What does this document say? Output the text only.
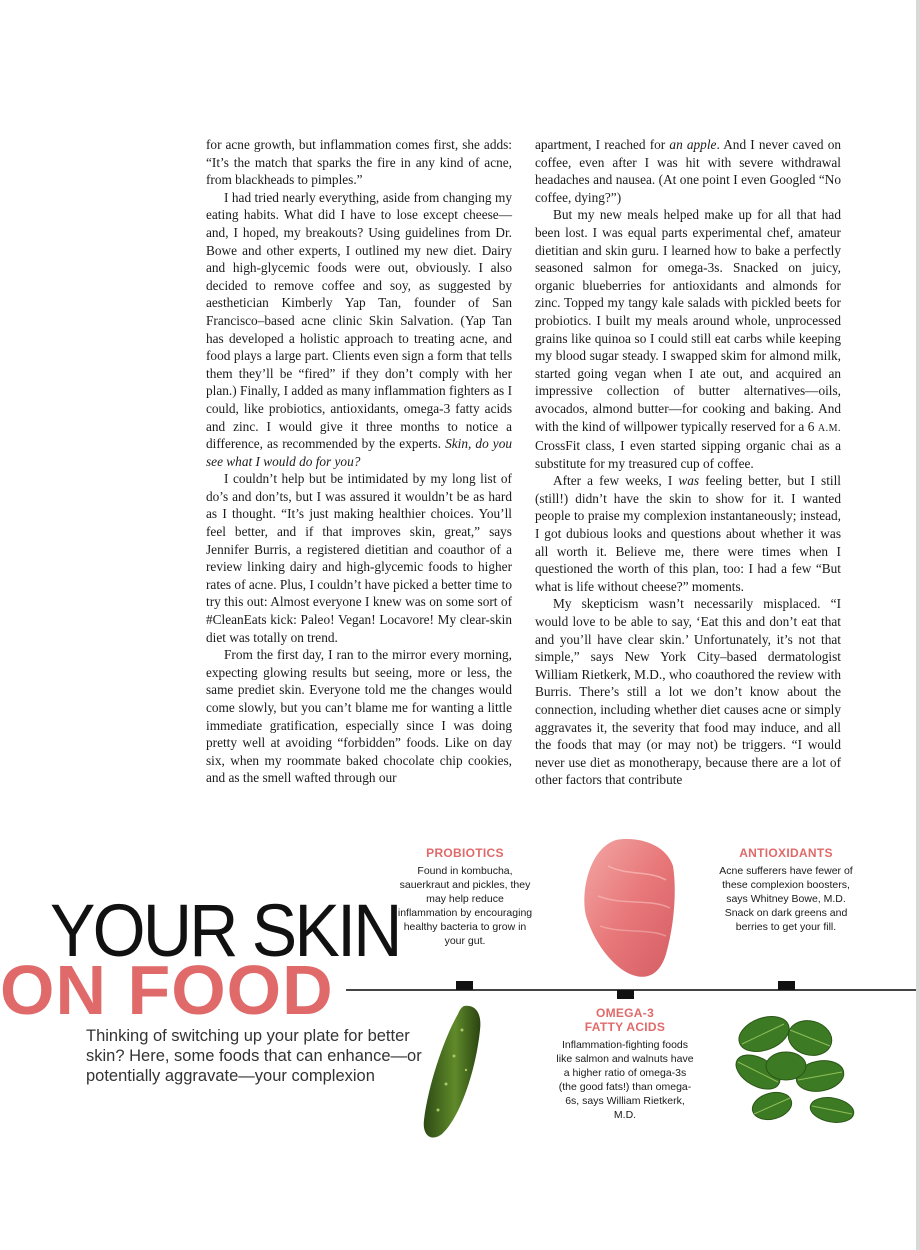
for acne growth, but inflammation comes first, she adds: “It’s the match that sparks the fire in any kind of acne, from blackheads to pimples.”

I had tried nearly everything, aside from changing my eating habits. What did I have to lose except cheese—and, I hoped, my breakouts? Using guidelines from Dr. Bowe and other experts, I outlined my new diet. Dairy and high-glycemic foods were out, obviously. I also decided to remove coffee and soy, as suggested by aesthetician Kimberly Yap Tan, founder of San Francisco–based acne clinic Skin Salvation. (Yap Tan has developed a holistic approach to treating acne, and food plays a large part. Clients even sign a form that tells them they’ll be “fired” if they don’t comply with her plan.) Finally, I added as many inflammation fighters as I could, like probiotics, antioxidants, omega-3 fatty acids and zinc. I would give it three months to notice a difference, as recommended by the experts. Skin, do you see what I would do for you?

I couldn’t help but be intimidated by my long list of do’s and don’ts, but I was assured it wouldn’t be as hard as I thought. “It’s just making healthier choices. You’ll feel better, and if that improves skin, great,” says Jennifer Burris, a registered dietitian and coauthor of a review linking dairy and high-glycemic foods to higher rates of acne. Plus, I couldn’t have picked a better time to try this out: Almost everyone I knew was on some sort of #CleanEats kick: Paleo! Vegan! Locavore! My clear-skin diet was totally on trend.

From the first day, I ran to the mirror every morning, expecting glowing results but seeing, more or less, the same prediet skin. Everyone told me the changes would come slowly, but you can’t blame me for wanting a little immediate gratification, especially since I was doing pretty well at avoiding “forbidden” foods. Like on day six, when my roommate baked chocolate chip cookies, and as the smell wafted through our

apartment, I reached for an apple. And I never caved on coffee, even after I was hit with severe withdrawal headaches and nausea. (At one point I even Googled “No coffee, dying?”)

But my new meals helped make up for all that had been lost. I was equal parts experimental chef, amateur dietitian and skin guru. I learned how to bake a perfectly seasoned salmon for omega-3s. Snacked on juicy, organic blueberries for antioxidants and almonds for zinc. Topped my tangy kale salads with pickled beets for probiotics. I built my meals around whole, unprocessed grains like quinoa so I could still eat carbs while keeping my blood sugar steady. I swapped skim for almond milk, started going vegan when I ate out, and acquired an impressive collection of butter alternatives—oils, avocados, almond butter—for cooking and baking. And with the kind of willpower typically reserved for a 6 A.M. CrossFit class, I even started sipping organic chai as a substitute for my treasured cup of coffee.

After a few weeks, I was feeling better, but I still (still!) didn’t have the skin to show for it. I wanted people to praise my complexion instantaneously; instead, I got dubious looks and questions about whether it was all worth it. Believe me, there were times when I questioned the worth of this plan, too: I had a few “But what is life without cheese?” moments.

My skepticism wasn’t necessarily misplaced. “I would love to be able to say, ‘Eat this and don’t eat that and you’ll have clear skin.’ Unfortunately, it’s not that simple,” says New York City–based dermatologist William Rietkerk, M.D., who coauthored the review with Burris. There’s still a lot we don’t know about the connection, including whether diet causes acne or simply aggravates it, the severity that food may induce, and all the foods that may (or may not) be triggers. “I would never use diet as monotherapy, because there are a lot of other factors that contribute

YOUR SKIN
ON FOOD
Thinking of switching up your plate for better skin? Here, some foods that can enhance—or potentially aggravate—your complexion
PROBIOTICS
Found in kombucha, sauerkraut and pickles, they may help reduce inflammation by encouraging healthy bacteria to grow in your gut.
OMEGA-3 FATTY ACIDS
Inflammation-fighting foods like salmon and walnuts have a higher ratio of omega-3s (the good fats!) than omega-6s, says William Rietkerk, M.D.
ANTIOXIDANTS
Acne sufferers have fewer of these complexion boosters, says Whitney Bowe, M.D. Snack on dark greens and berries to get your fill.
